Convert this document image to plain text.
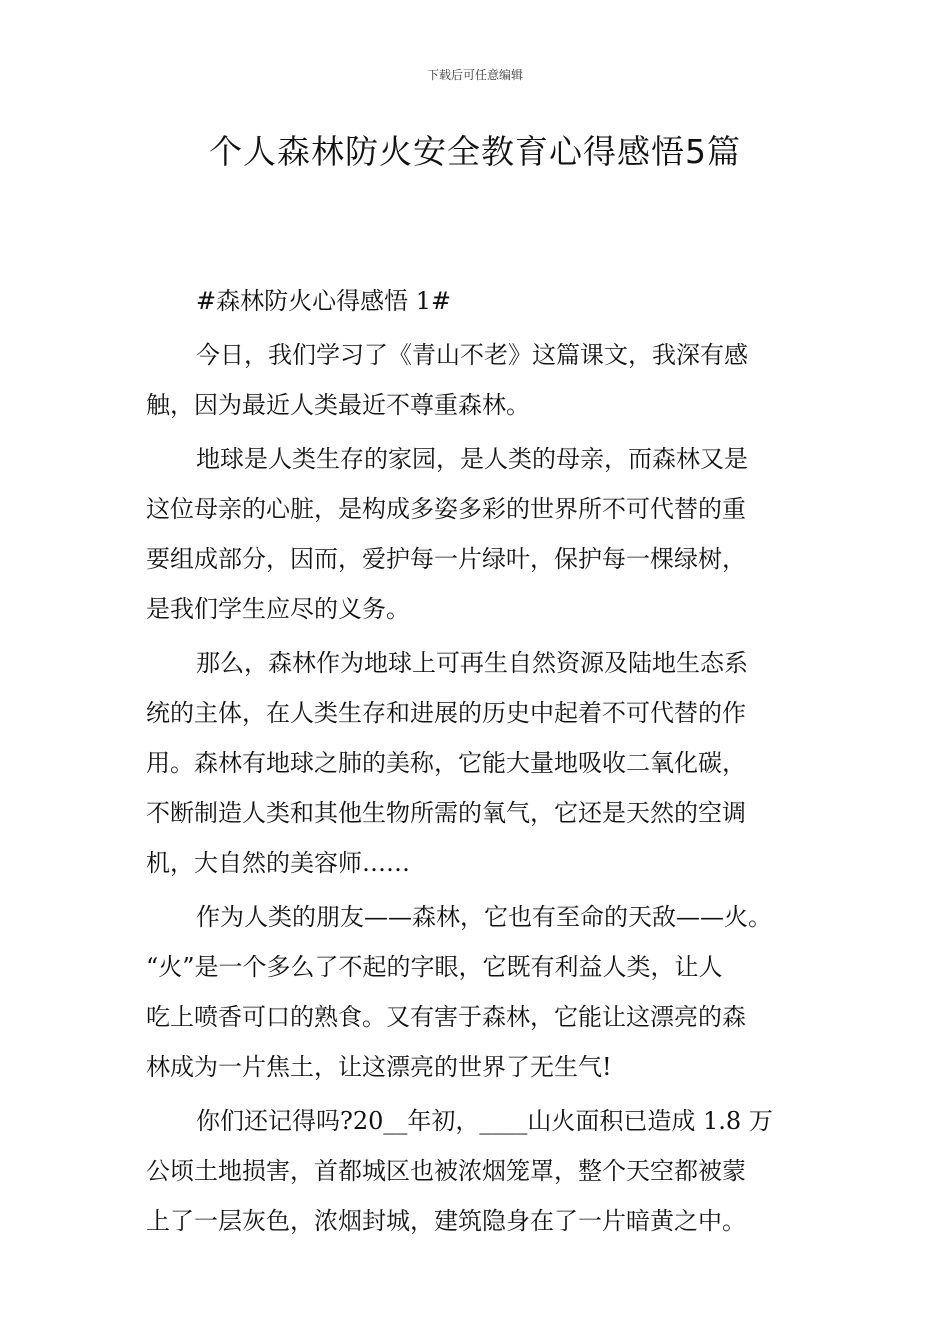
下载后可任意编辑
个人森林防火安全教育心得感悟5篇
#森林防火心得感悟 1#
今日，我们学习了《青山不老》这篇课文，我深有感
触，因为最近人类最近不尊重森林。
地球是人类生存的家园，是人类的母亲，而森林又是
这位母亲的心脏，是构成多姿多彩的世界所不可代替的重
要组成部分，因而，爱护每一片绿叶，保护每一棵绿树，
是我们学生应尽的义务。
那么，森林作为地球上可再生自然资源及陆地生态系
统的主体，在人类生存和进展的历史中起着不可代替的作
用。森林有地球之肺的美称，它能大量地吸收二氧化碳，
不断制造人类和其他生物所需的氧气，它还是天然的空调
机，大自然的美容师……
作为人类的朋友——森林，它也有至命的天敌——火。
“火”是一个多么了不起的字眼，它既有利益人类，让人
吃上喷香可口的熟食。又有害于森林，它能让这漂亮的森
林成为一片焦土，让这漂亮的世界了无生气!
你们还记得吗?20__年初，____山火面积已造成 1.8 万
公顷土地损害，首都城区也被浓烟笼罩，整个天空都被蒙
上了一层灰色，浓烟封城，建筑隐身在了一片暗黄之中。
